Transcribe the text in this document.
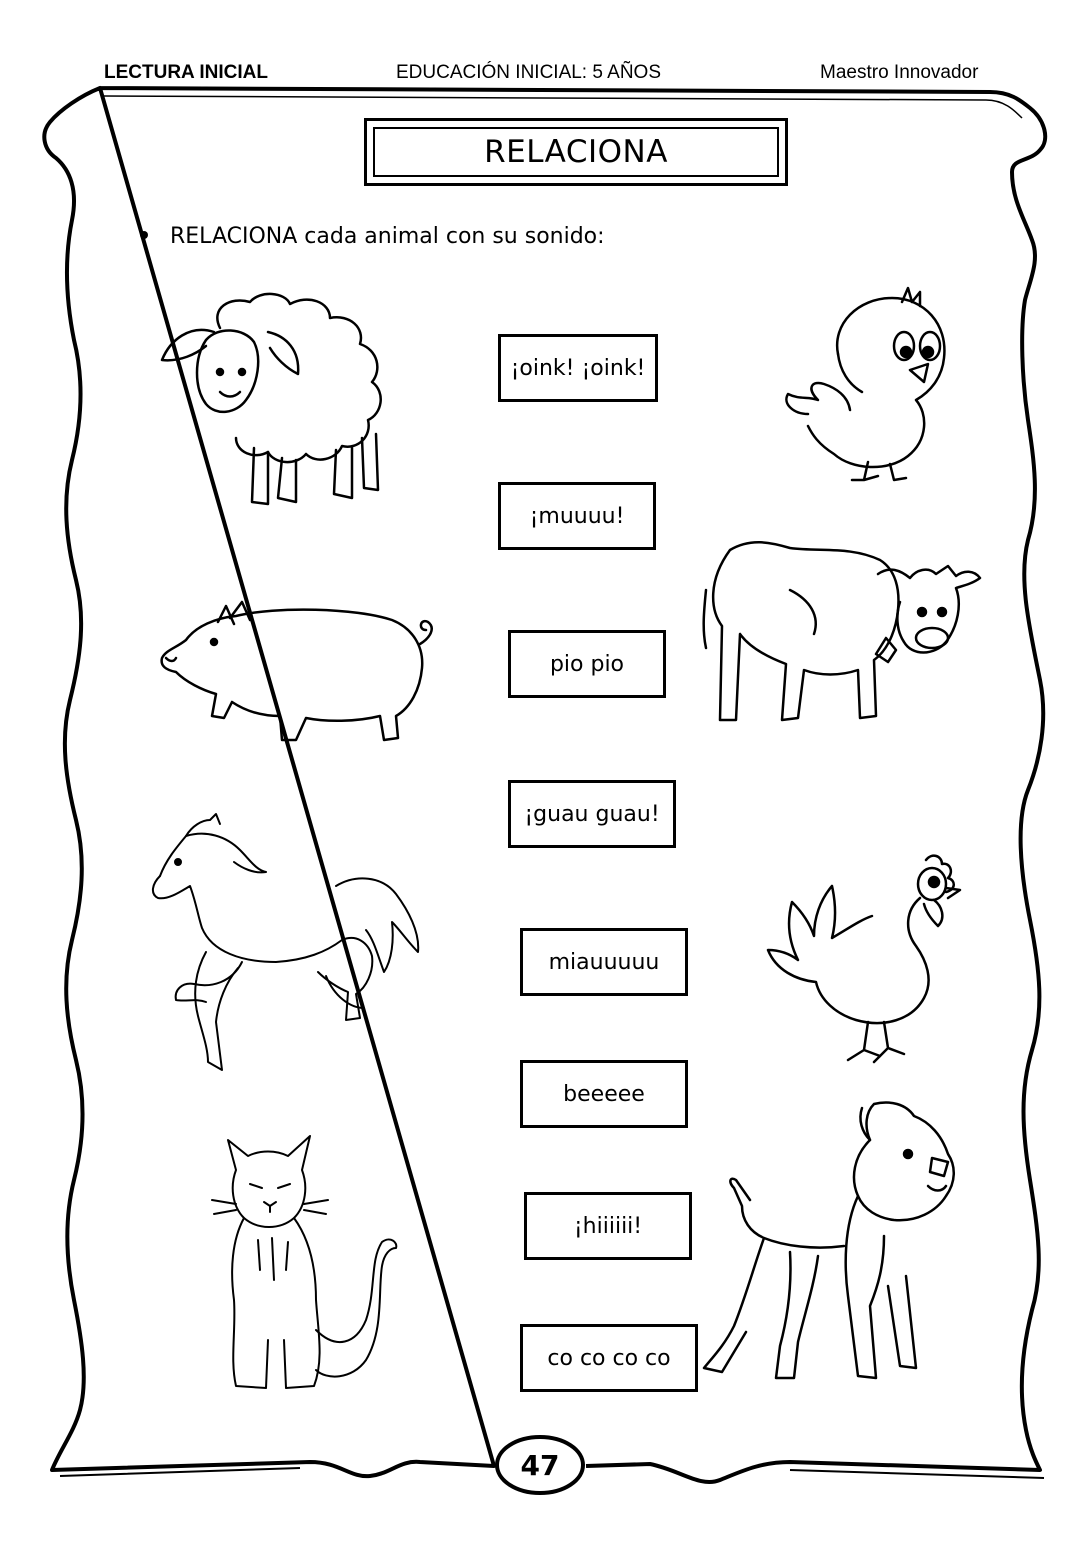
LECTURA INICIAL	EDUCACIÓN INICIAL: 5 AÑOS	Maestro Innovador
RELACIONA
RELACIONA cada animal con su sonido:
¡oink! ¡oink!
¡muuuu!
pio pio
¡guau guau!
miauuuuu
beeeee
¡hiiiiii!
co co co co
47
